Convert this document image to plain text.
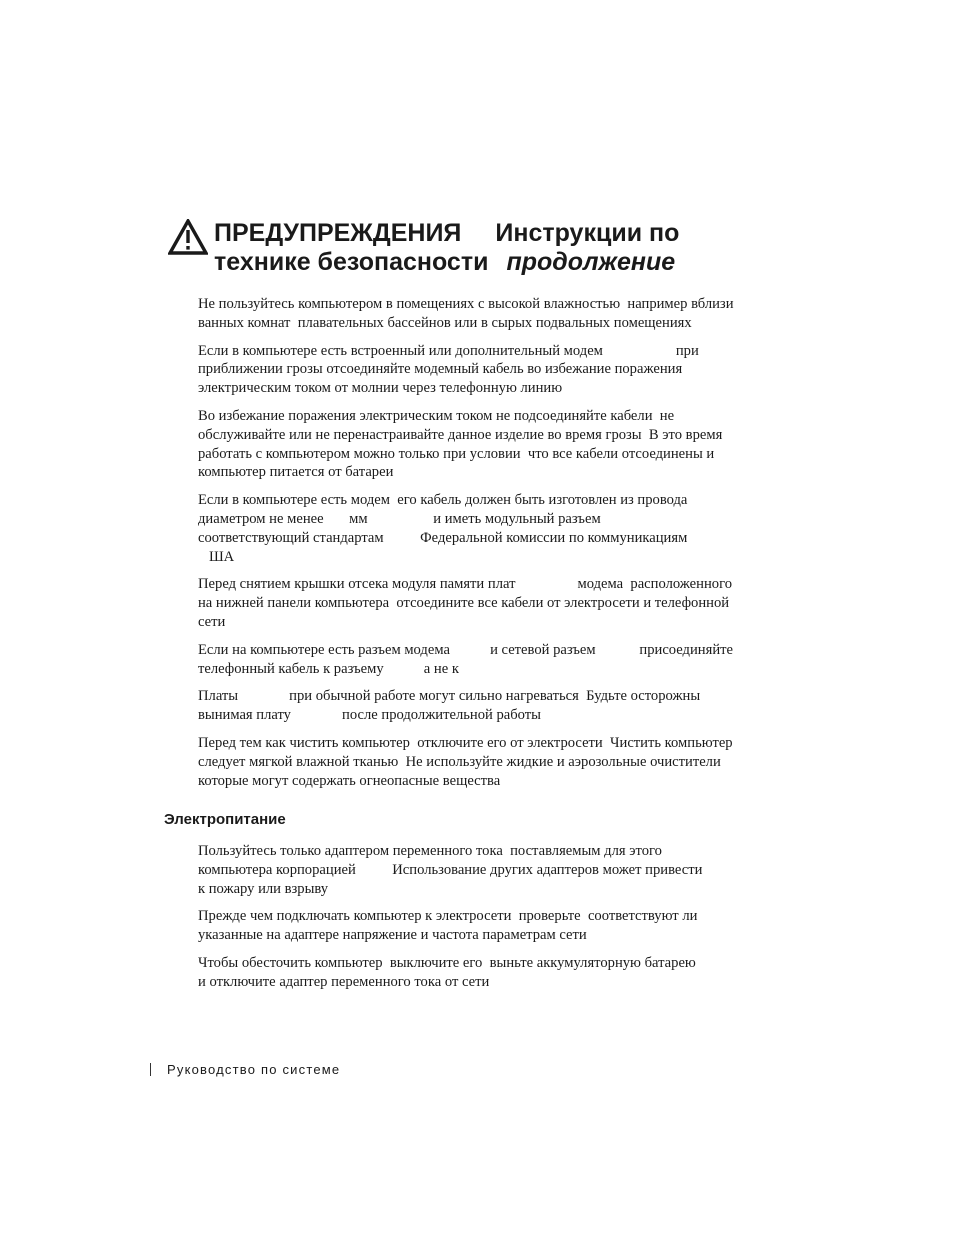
ПРЕДУПРЕЖДЕНИЯ Инструкции по
технике безопасности продолжение
Не пользуйтесь компьютером в помещениях с высокой влажностью  например вблизи
ванных комнат  плавательных бассейнов или в сырых подвальных помещениях
Если в компьютере есть встроенный или дополнительный модем                    при
приближении грозы отсоединяйте модемный кабель во избежание поражения
электрическим током от молнии через телефонную линию
Во избежание поражения электрическим током не подсоединяйте кабели  не
обслуживайте или не перенастраивайте данное изделие во время грозы  В это время
работать с компьютером можно только при условии  что все кабели отсоединены и
компьютер питается от батареи
Если в компьютере есть модем  его кабель должен быть изготовлен из провода
диаметром не менее       мм                  и иметь модульный разъем
соответствующий стандартам          Федеральной комиссии по коммуникациям
ША
Перед снятием крышки отсека модуля памяти плат                 модема  расположенного
на нижней панели компьютера  отсоедините все кабели от электросети и телефонной
сети
Если на компьютере есть разъем модема           и сетевой разъем            присоединяйте
телефонный кабель к разъему           а не к
Платы              при обычной работе могут сильно нагреваться  Будьте осторожны
вынимая плату              после продолжительной работы
Перед тем как чистить компьютер  отключите его от электросети  Чистить компьютер
следует мягкой влажной тканью  Не используйте жидкие и аэрозольные очистители
которые могут содержать огнеопасные вещества
Электропитание
Пользуйтесь только адаптером переменного тока  поставляемым для этого
компьютера корпорацией          Использование других адаптеров может привести
к пожару или взрыву
Прежде чем подключать компьютер к электросети  проверьте  соответствуют ли
указанные на адаптере напряжение и частота параметрам сети
Чтобы обесточить компьютер  выключите его  выньте аккумуляторную батарею
и отключите адаптер переменного тока от сети
Руководство по системе
